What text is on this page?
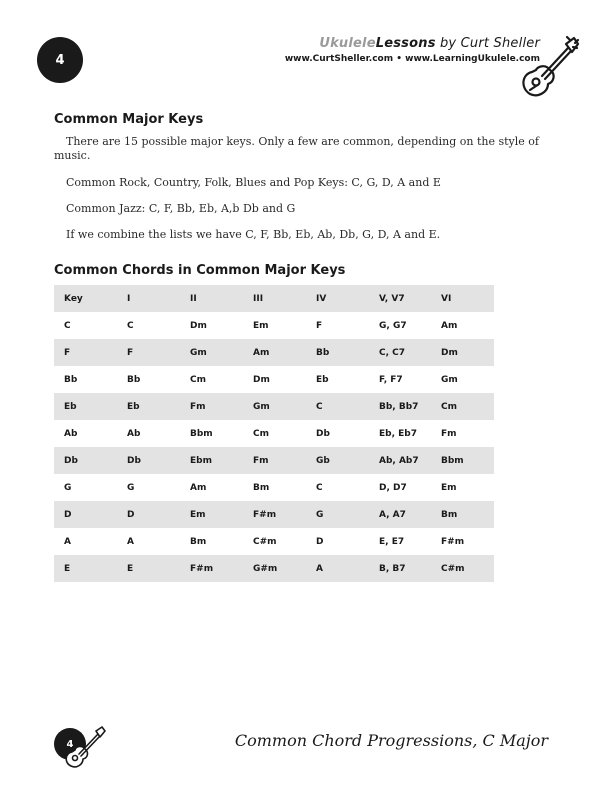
4
UkuleleLessons by Curt Sheller
www.CurtSheller.com • www.LearningUkulele.com
Common Major Keys
There are 15 possible major keys. Only a few are common, depending on the style of music.
Common Rock, Country, Folk, Blues and Pop Keys: C, G, D, A and E
Common Jazz: C, F, Bb, Eb, A,b Db and G
If we combine the lists we have C, F, Bb, Eb, Ab, Db, G, D, A and E.
Common Chords in Common Major Keys
Key	I	II	III	IV	V, V7	VI
C	C	Dm	Em	F	G, G7	Am
F	F	Gm	Am	Bb	C, C7	Dm
Bb	Bb	Cm	Dm	Eb	F, F7	Gm
Eb	Eb	Fm	Gm	C	Bb, Bb7	Cm
Ab	Ab	Bbm	Cm	Db	Eb, Eb7	Fm
Db	Db	Ebm	Fm	Gb	Ab, Ab7	Bbm
G	G	Am	Bm	C	D, D7	Em
D	D	Em	F#m	G	A, A7	Bm
A	A	Bm	C#m	D	E, E7	F#m
E	E	F#m	G#m	A	B, B7	C#m
4	Common Chord Progressions, C Major
